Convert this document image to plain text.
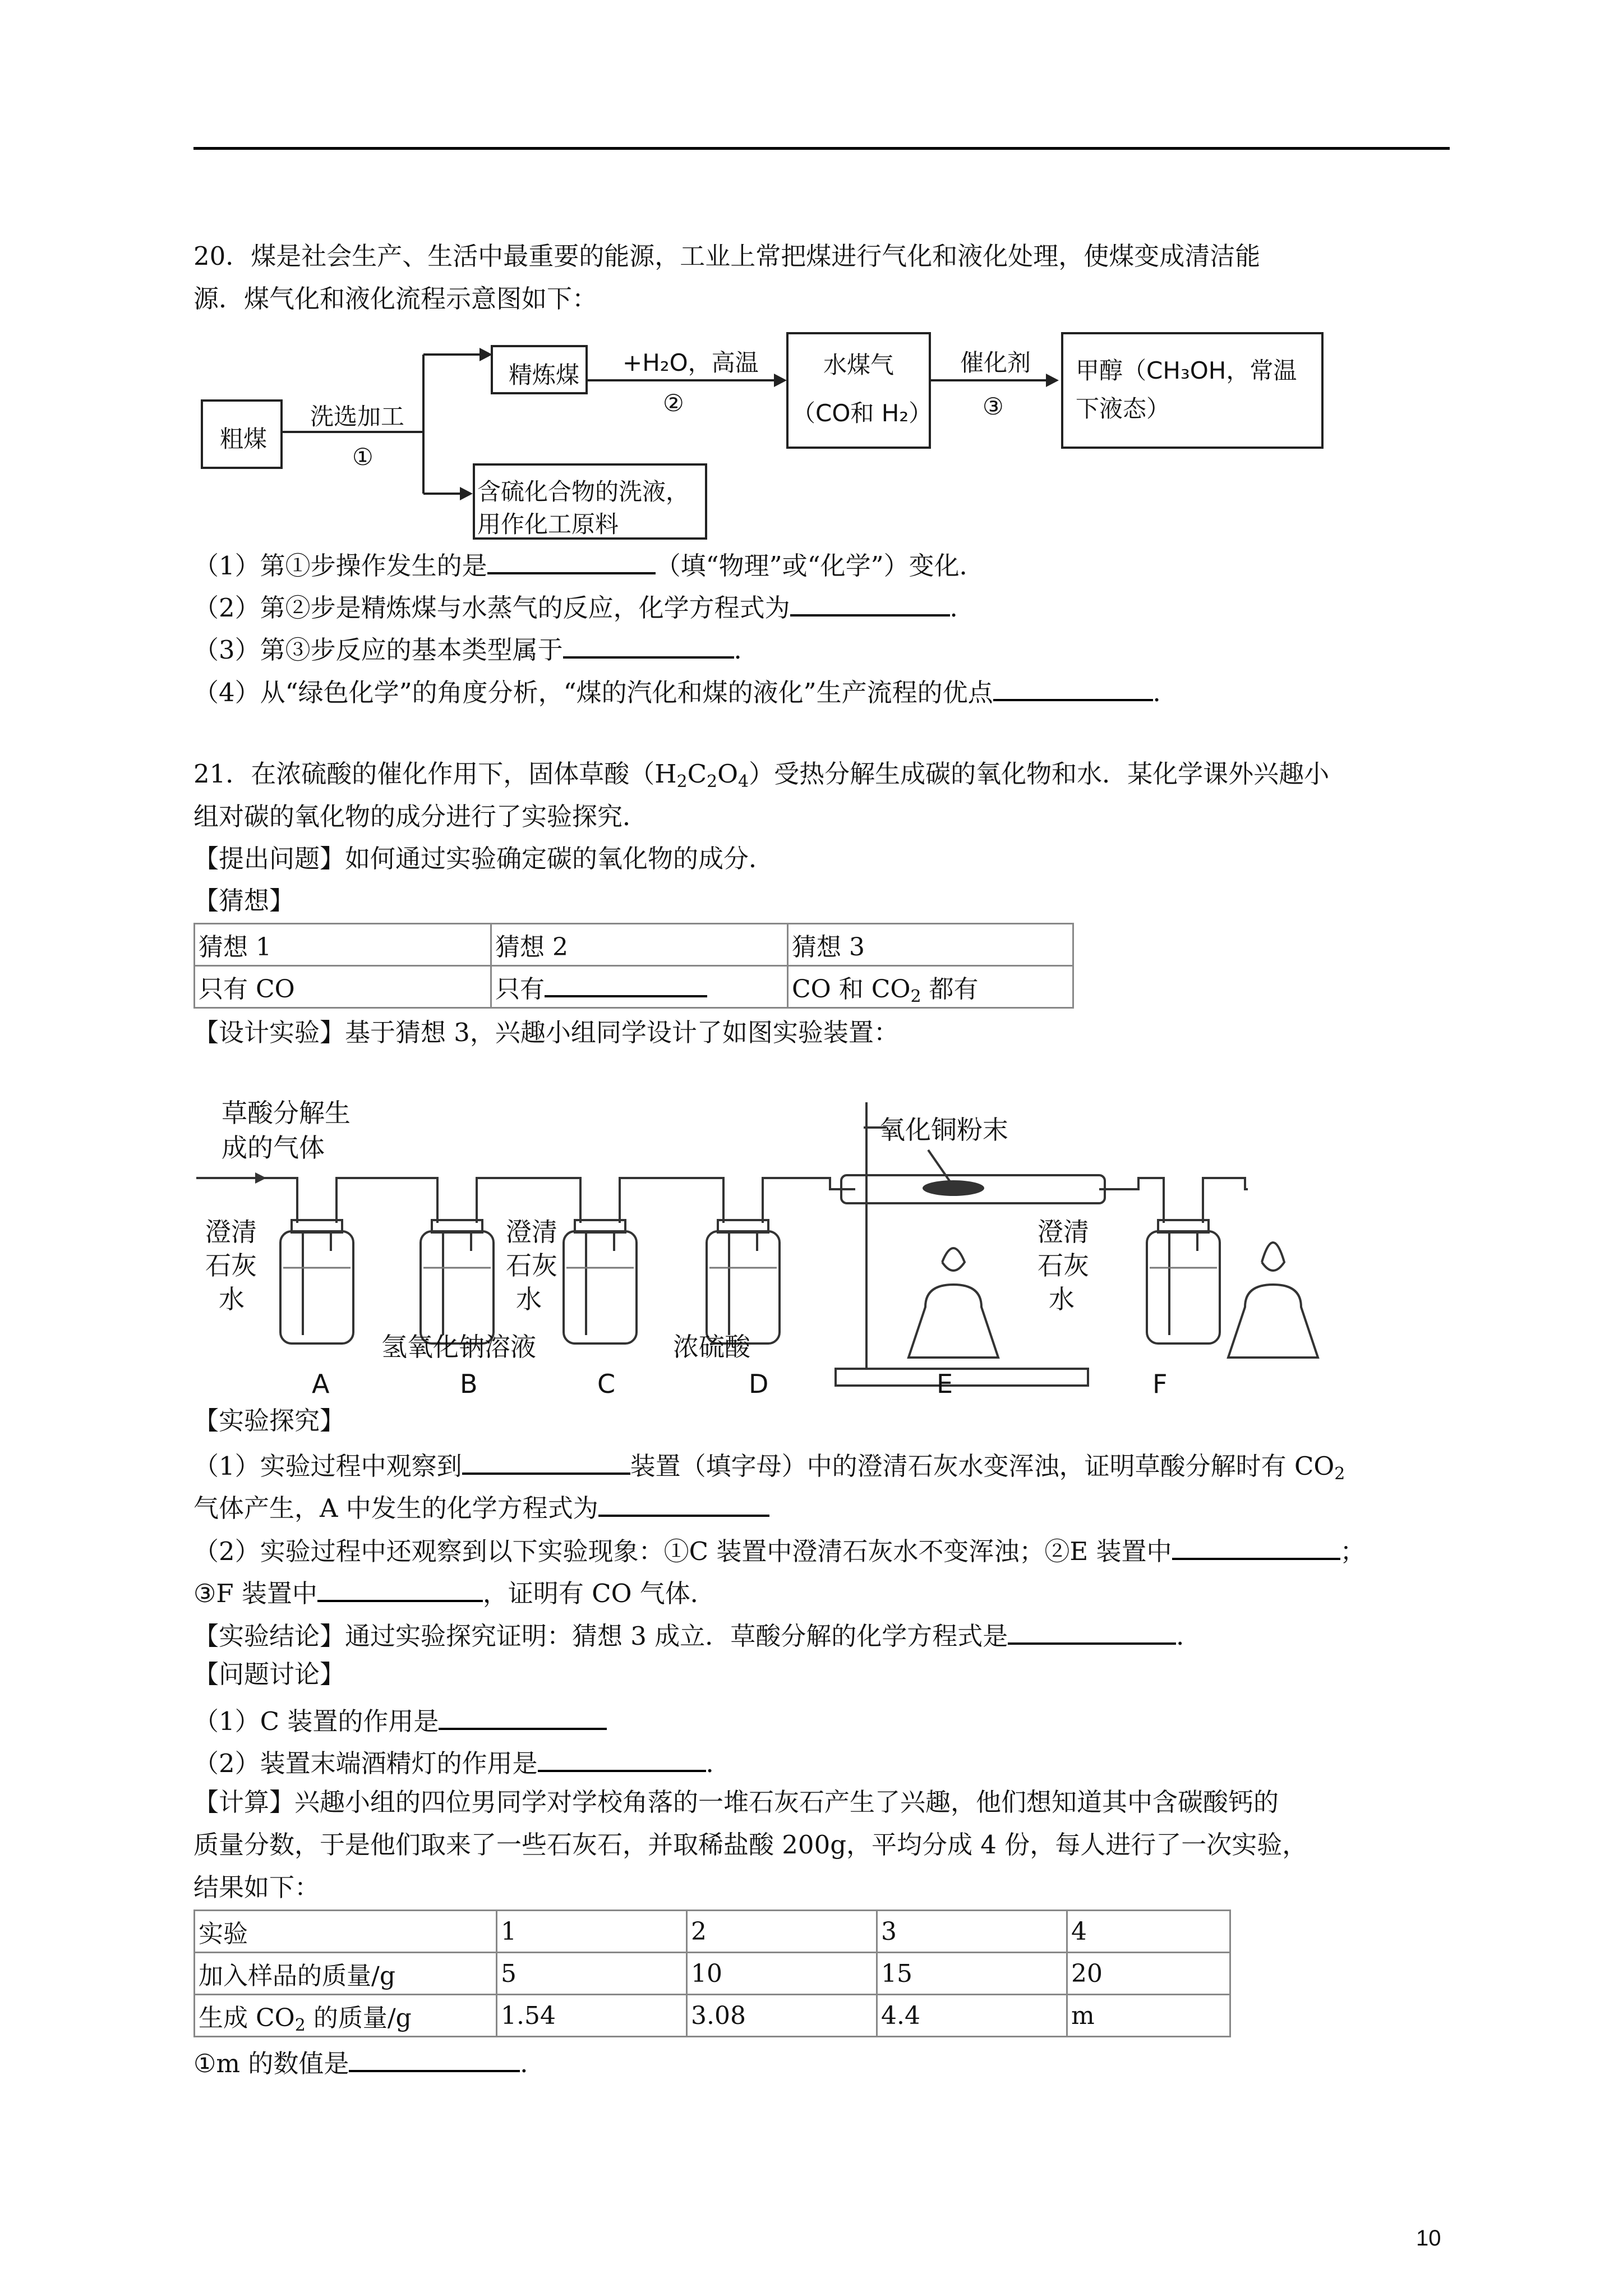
20．煤是社会生产、生活中最重要的能源，工业上常把煤进行气化和液化处理，使煤变成清洁能
源．煤气化和液化流程示意图如下：
粗煤
洗选加工
①
精炼煤 +H₂O，高温
②
水煤气
（CO和 H₂）
催化剂
③
甲醇（CH₃OH，常温
下液态）
含硫化合物的洗液，
用作化工原料
（1）第①步操作发生的是	（填“物理”或“化学”）变化．
（2）第②步是精炼煤与水蒸气的反应，化学方程式为	．
（3）第③步反应的基本类型属于	．
（4）从“绿色化学”的角度分析，“煤的汽化和煤的液化”生产流程的优点	．
21．在浓硫酸的催化作用下，固体草酸（H2C2O4）受热分解生成碳的氧化物和水．某化学课外兴趣小
组对碳的氧化物的成分进行了实验探究．
【提出问题】如何通过实验确定碳的氧化物的成分．
【猜想】
猜想 1	猜想 2	猜想 3
只有 CO	只有	CO 和 CO2 都有
【设计实验】基于猜想 3，兴趣小组同学设计了如图实验装置：
草酸分解生
成的气体
氧化铜粉末
澄清
石灰
水
澄清
石灰
水
澄清
石灰
水
氢氧化钠溶液	浓硫酸
A	B	C	D	E	F
【实验探究】
（1）实验过程中观察到	装置（填字母）中的澄清石灰水变浑浊，证明草酸分解时有 CO2
气体产生，A 中发生的化学方程式为
（2）实验过程中还观察到以下实验现象：①C 装置中澄清石灰水不变浑浊；②E 装置中	；
③F 装置中	，证明有 CO 气体．
【实验结论】通过实验探究证明：猜想 3 成立．草酸分解的化学方程式是	．
【问题讨论】
（1）C 装置的作用是
（2）装置末端酒精灯的作用是	．
【计算】兴趣小组的四位男同学对学校角落的一堆石灰石产生了兴趣，他们想知道其中含碳酸钙的
质量分数，于是他们取来了一些石灰石，并取稀盐酸 200g，平均分成 4 份，每人进行了一次实验，
结果如下：
实验	1	2	3	4
加入样品的质量/g	5	10	15	20
生成 CO2 的质量/g	1.54	3.08	4.4	m
①m 的数值是	．
10
